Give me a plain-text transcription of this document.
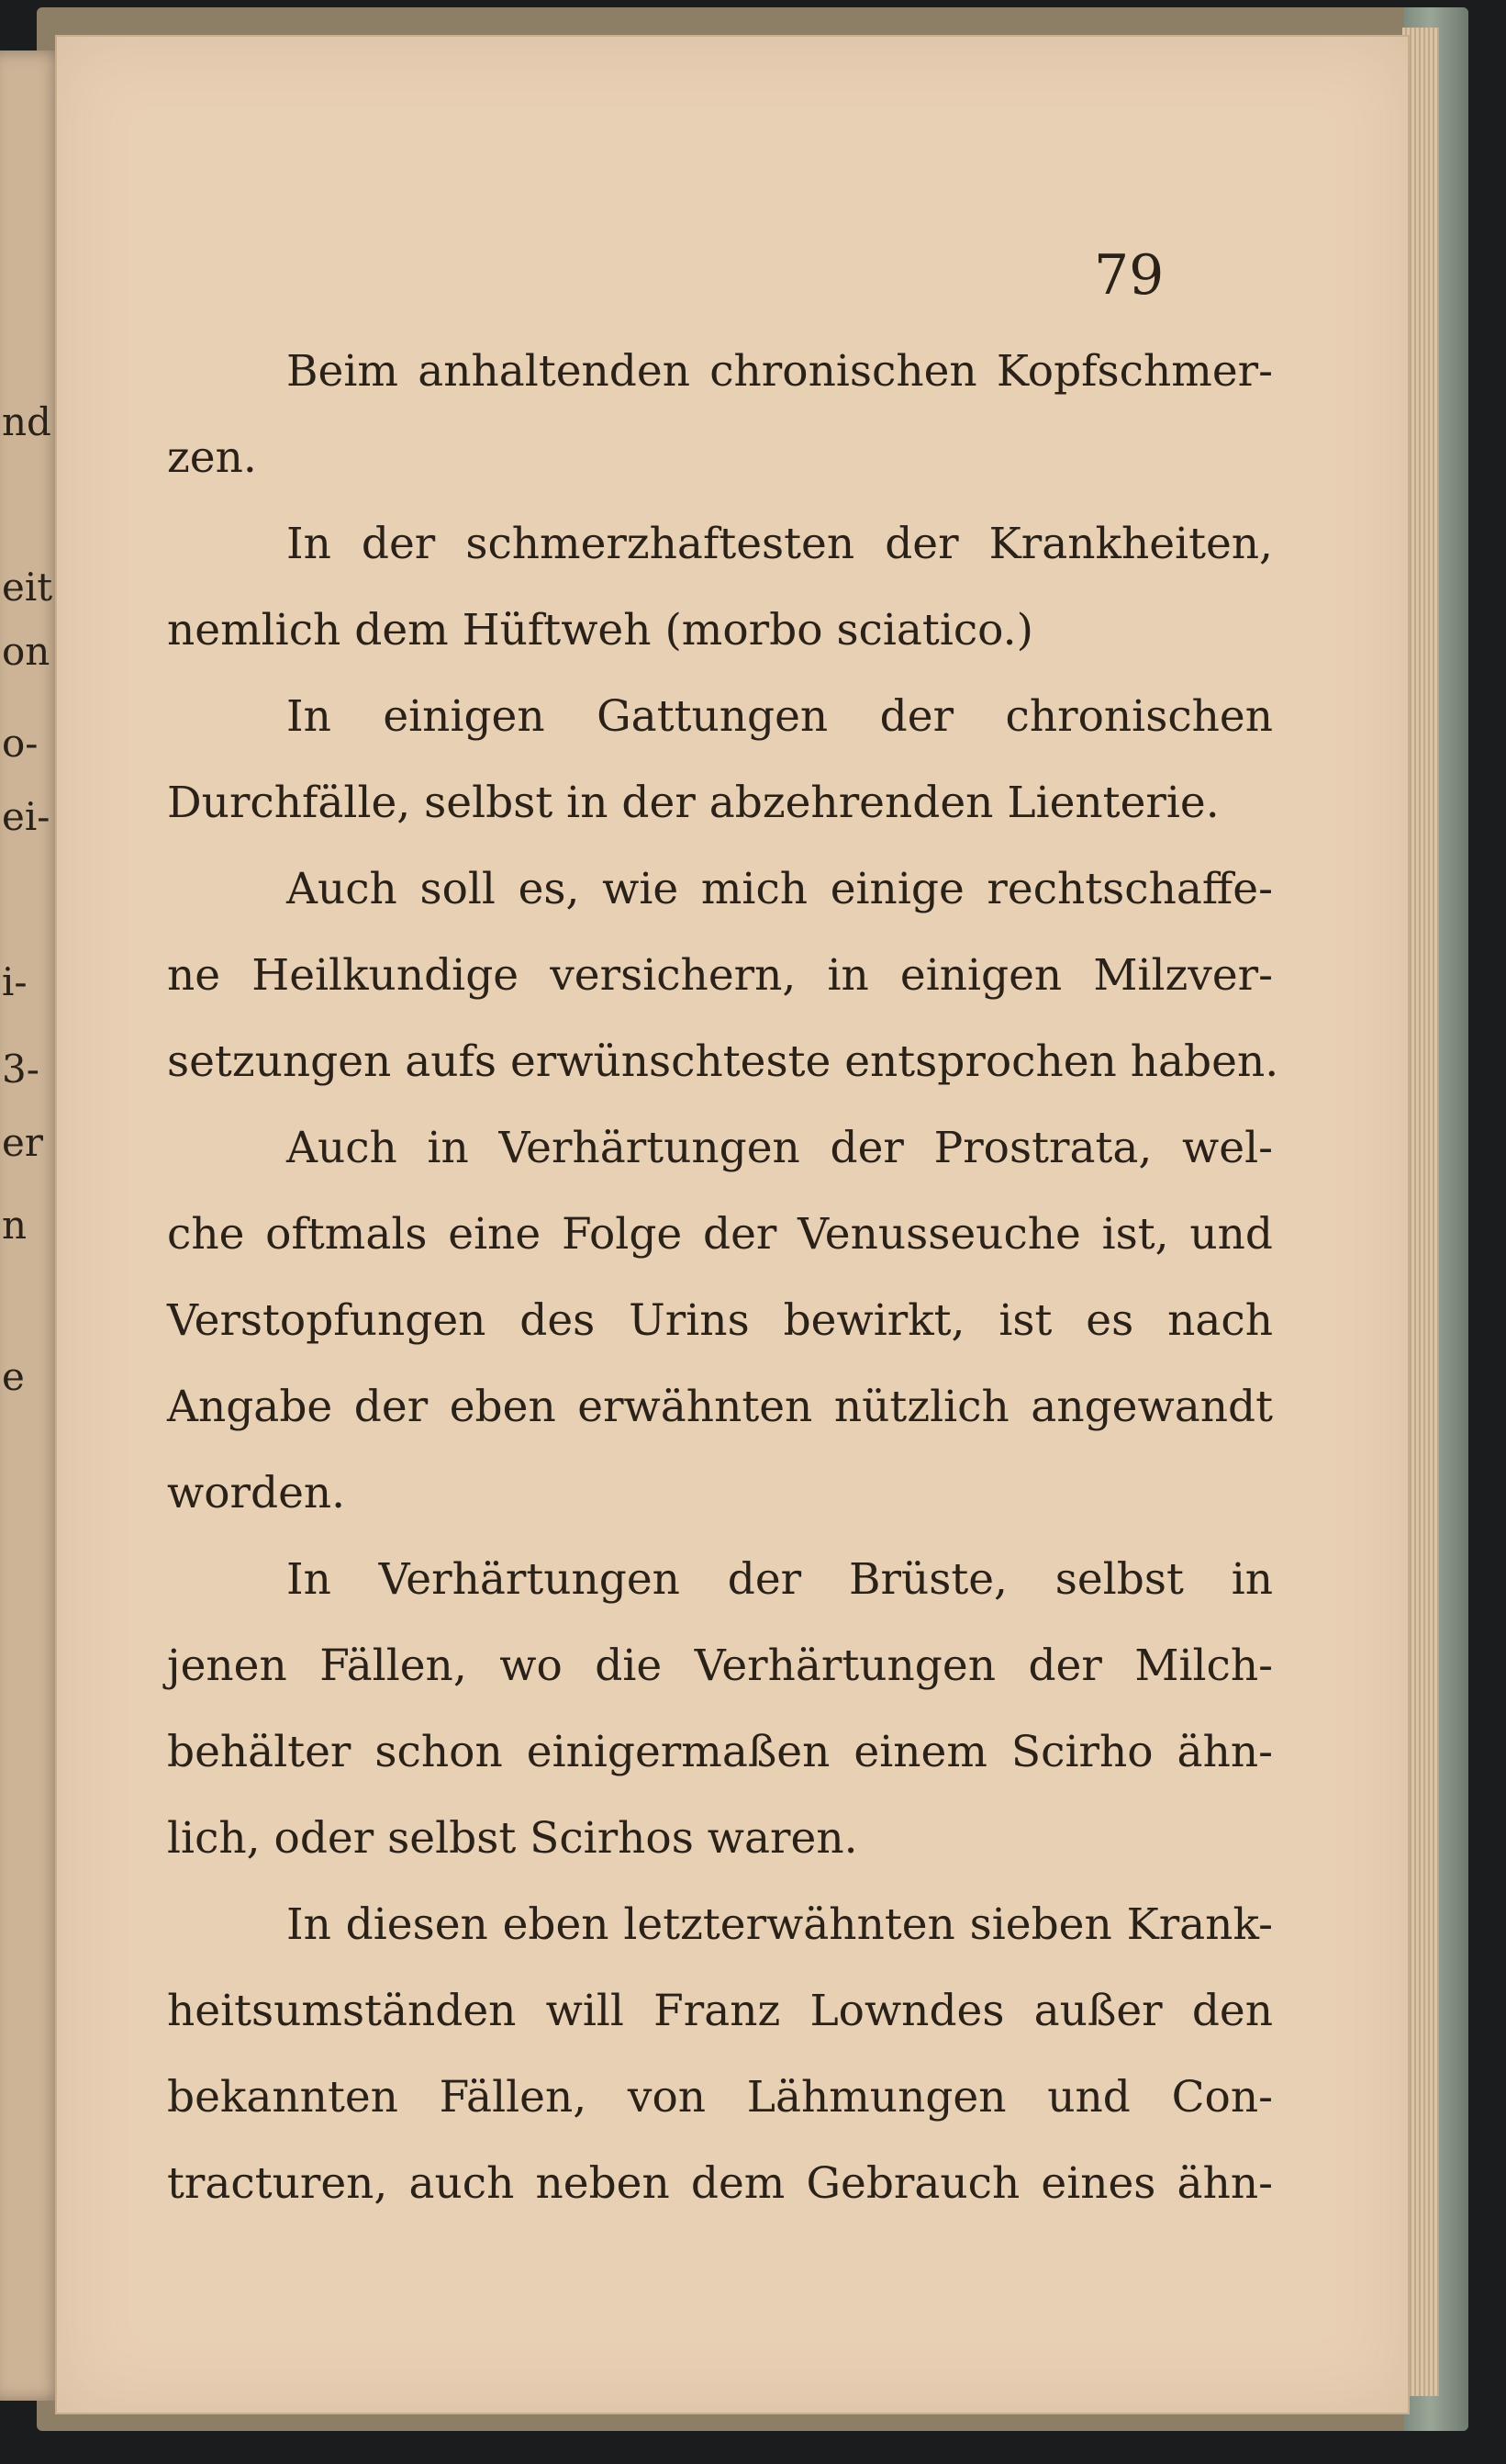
nd
eit
on
o-
ei-
i-
3-
er
n
e
79
Beim anhaltenden chronischen Kopfschmer-
zen.
In der schmerzhaftesten der Krankheiten,
nemlich dem Hüftweh (morbo sciatico.)
In einigen Gattungen der chronischen
Durchfälle, selbst in der abzehrenden Lienterie.
Auch soll es, wie mich einige rechtschaffe-
ne Heilkundige versichern, in einigen Milzver-
setzungen aufs erwünschteste entsprochen haben.
Auch in Verhärtungen der Prostrata, wel-
che oftmals eine Folge der Venusseuche ist, und
Verstopfungen des Urins bewirkt, ist es nach
Angabe der eben erwähnten nützlich angewandt
worden.
In Verhärtungen der Brüste, selbst in
jenen Fällen, wo die Verhärtungen der Milch-
behälter schon einigermaßen einem Scirho ähn-
lich, oder selbst Scirhos waren.
In diesen eben letzterwähnten sieben Krank-
heitsumständen will Franz Lowndes außer den
bekannten Fällen, von Lähmungen und Con-
tracturen, auch neben dem Gebrauch eines ähn-
